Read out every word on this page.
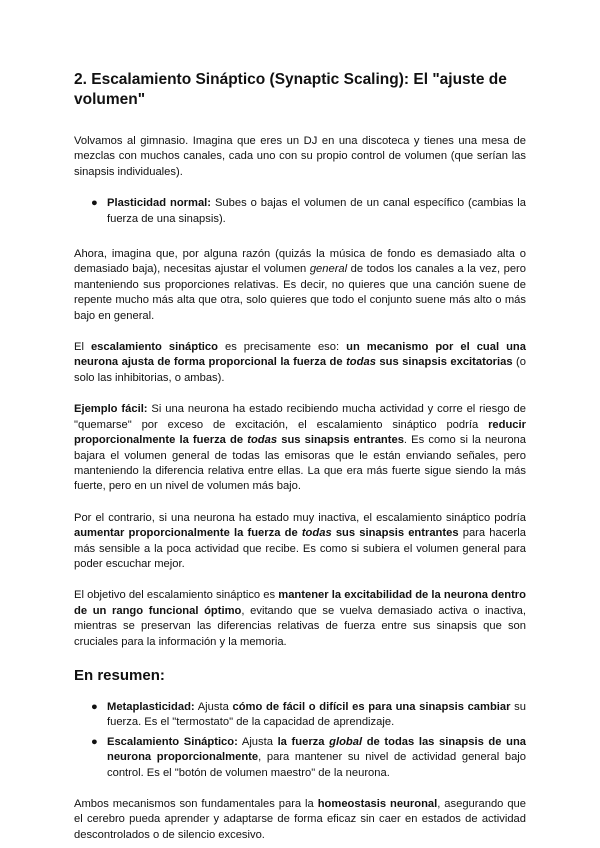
2. Escalamiento Sináptico (Synaptic Scaling): El "ajuste de volumen"

Volvamos al gimnasio. Imagina que eres un DJ en una discoteca y tienes una mesa de mezclas con muchos canales, cada uno con su propio control de volumen (que serían las sinapsis individuales).

● Plasticidad normal: Subes o bajas el volumen de un canal específico (cambias la fuerza de una sinapsis).

Ahora, imagina que, por alguna razón (quizás la música de fondo es demasiado alta o demasiado baja), necesitas ajustar el volumen general de todos los canales a la vez, pero manteniendo sus proporciones relativas. Es decir, no quieres que una canción suene de repente mucho más alta que otra, solo quieres que todo el conjunto suene más alto o más bajo en general.

El escalamiento sináptico es precisamente eso: un mecanismo por el cual una neurona ajusta de forma proporcional la fuerza de todas sus sinapsis excitatorias (o solo las inhibitorias, o ambas).

Ejemplo fácil: Si una neurona ha estado recibiendo mucha actividad y corre el riesgo de "quemarse" por exceso de excitación, el escalamiento sináptico podría reducir proporcionalmente la fuerza de todas sus sinapsis entrantes. Es como si la neurona bajara el volumen general de todas las emisoras que le están enviando señales, pero manteniendo la diferencia relativa entre ellas. La que era más fuerte sigue siendo la más fuerte, pero en un nivel de volumen más bajo.

Por el contrario, si una neurona ha estado muy inactiva, el escalamiento sináptico podría aumentar proporcionalmente la fuerza de todas sus sinapsis entrantes para hacerla más sensible a la poca actividad que recibe. Es como si subiera el volumen general para poder escuchar mejor.

El objetivo del escalamiento sináptico es mantener la excitabilidad de la neurona dentro de un rango funcional óptimo, evitando que se vuelva demasiado activa o inactiva, mientras se preservan las diferencias relativas de fuerza entre sus sinapsis que son cruciales para la información y la memoria.

En resumen:
● Metaplasticidad: Ajusta cómo de fácil o difícil es para una sinapsis cambiar su fuerza. Es el "termostato" de la capacidad de aprendizaje.
● Escalamiento Sináptico: Ajusta la fuerza global de todas las sinapsis de una neurona proporcionalmente, para mantener su nivel de actividad general bajo control. Es el "botón de volumen maestro" de la neurona.

Ambos mecanismos son fundamentales para la homeostasis neuronal, asegurando que el cerebro pueda aprender y adaptarse de forma eficaz sin caer en estados de actividad descontrolados o de silencio excesivo.
